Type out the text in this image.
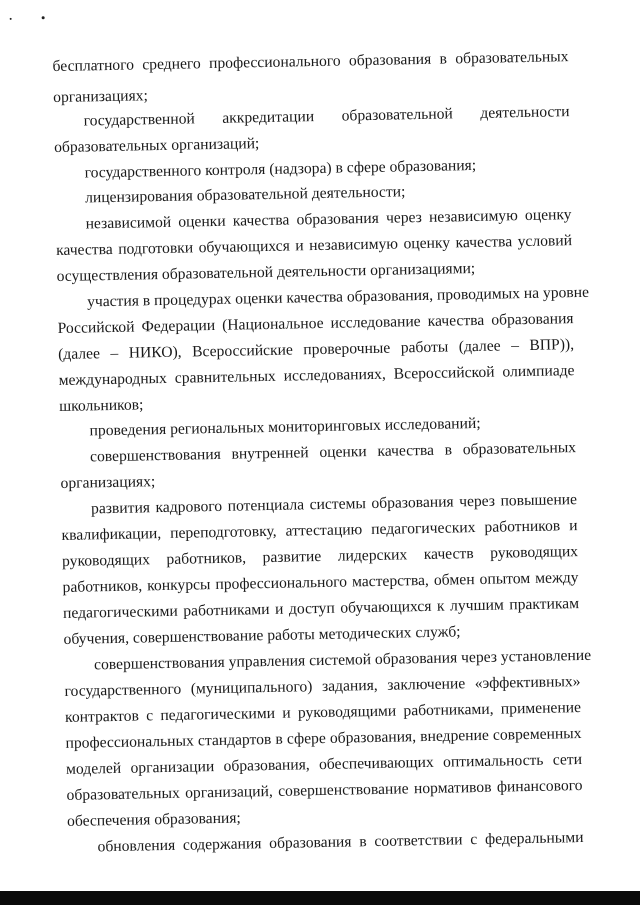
бесплатного среднего профессионального образования в образовательных
организациях;
государственной аккредитации образовательной деятельности
образовательных организаций;
государственного контроля (надзора) в сфере образования;
лицензирования образовательной деятельности;
независимой оценки качества образования через независимую оценку
качества подготовки обучающихся и независимую оценку качества условий
осуществления образовательной деятельности организациями;
участия в процедурах оценки качества образования, проводимых на уровне
Российской Федерации (Национальное исследование качества образования
(далее – НИКО), Всероссийские проверочные работы (далее – ВПР)),
международных сравнительных исследованиях, Всероссийской олимпиаде
школьников;
проведения региональных мониторинговых исследований;
совершенствования внутренней оценки качества в образовательных
организациях;
развития кадрового потенциала системы образования через повышение
квалификации, переподготовку, аттестацию педагогических работников и
руководящих работников, развитие лидерских качеств руководящих
работников, конкурсы профессионального мастерства, обмен опытом между
педагогическими работниками и доступ обучающихся к лучшим практикам
обучения, совершенствование работы методических служб;
совершенствования управления системой образования через установление
государственного (муниципального) задания, заключение «эффективных»
контрактов с педагогическими и руководящими работниками, применение
профессиональных стандартов в сфере образования, внедрение современных
моделей организации образования, обеспечивающих оптимальность сети
образовательных организаций, совершенствование нормативов финансового
обеспечения образования;
обновления содержания образования в соответствии с федеральными
